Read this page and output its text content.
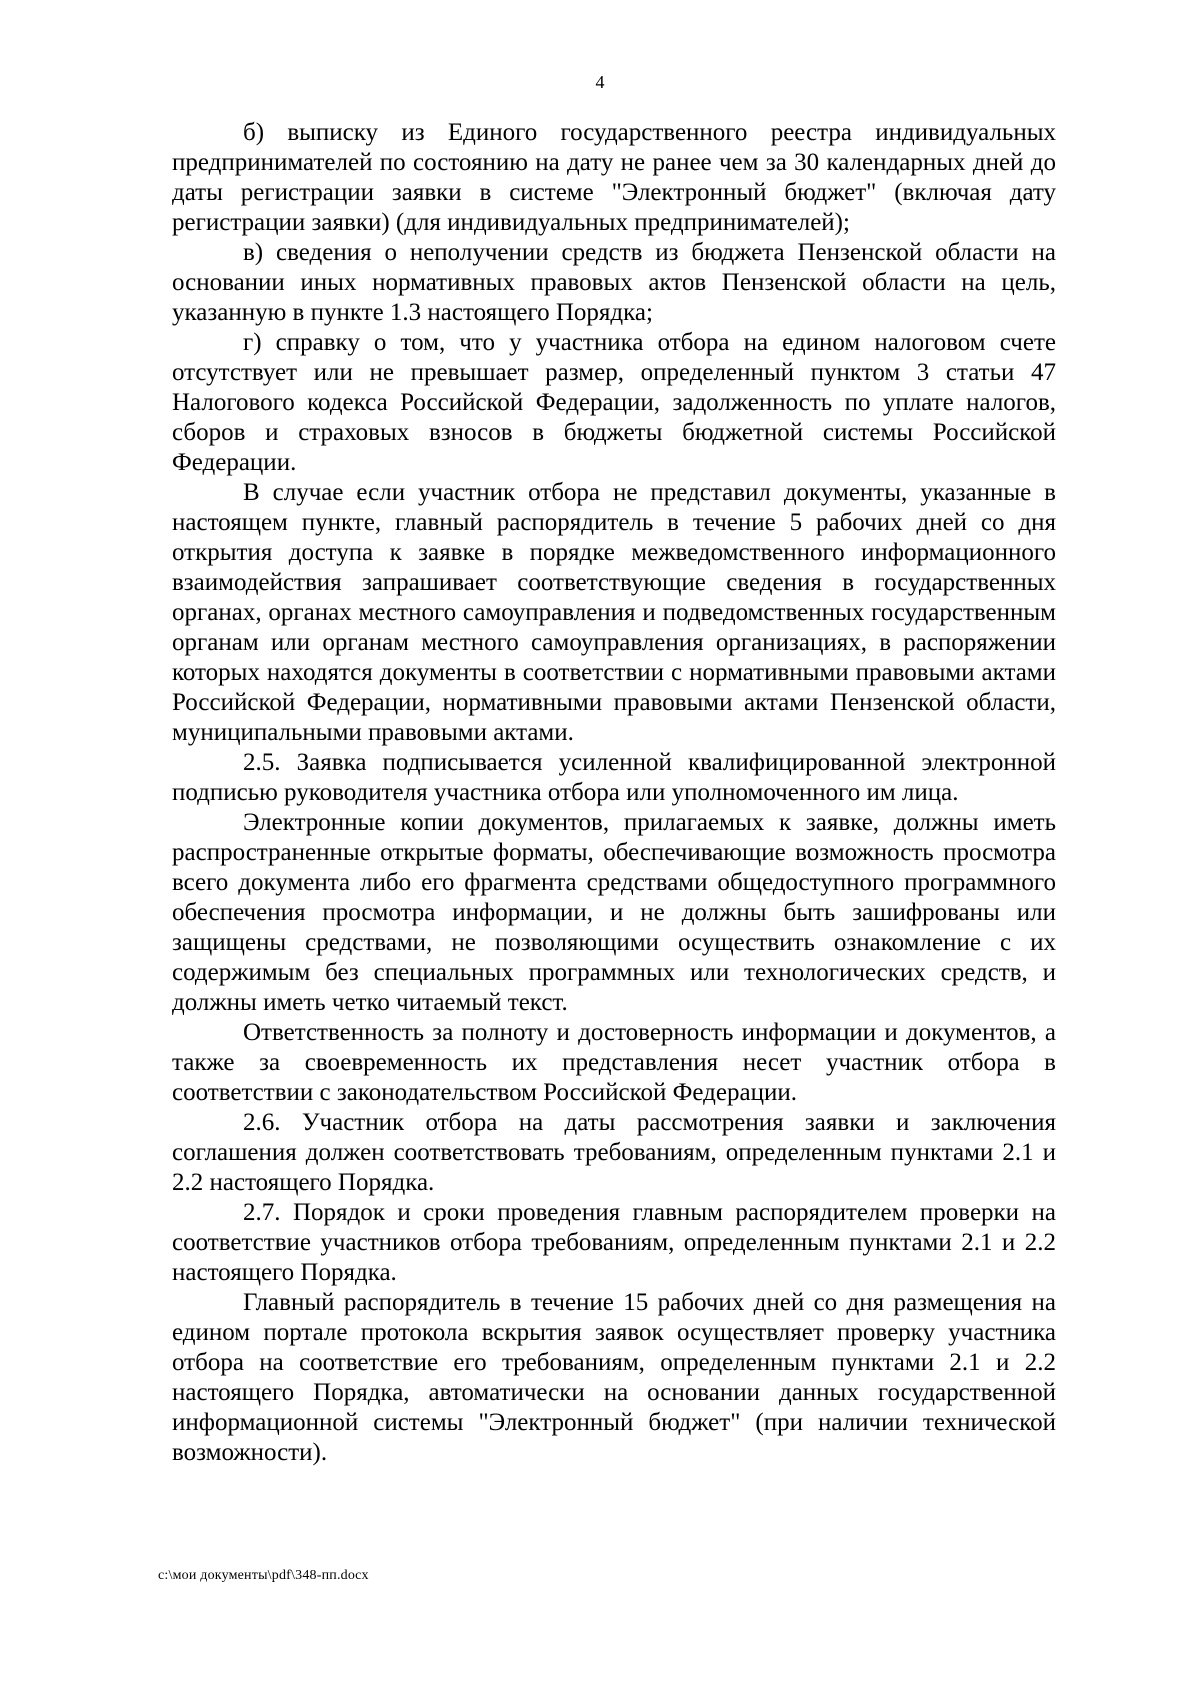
4

б) выписку из Единого государственного реестра индивидуальных предпринимателей по состоянию на дату не ранее чем за 30 календарных дней до даты регистрации заявки в системе "Электронный бюджет" (включая дату регистрации заявки) (для индивидуальных предпринимателей);

в) сведения о неполучении средств из бюджета Пензенской области на основании иных нормативных правовых актов Пензенской области на цель, указанную в пункте 1.3 настоящего Порядка;

г) справку о том, что у участника отбора на едином налоговом счете отсутствует или не превышает размер, определенный пунктом 3 статьи 47 Налогового кодекса Российской Федерации, задолженность по уплате налогов, сборов и страховых взносов в бюджеты бюджетной системы Российской Федерации.

В случае если участник отбора не представил документы, указанные в настоящем пункте, главный распорядитель в течение 5 рабочих дней со дня открытия доступа к заявке в порядке межведомственного информационного взаимодействия запрашивает соответствующие сведения в государственных органах, органах местного самоуправления и подведомственных государственным органам или органам местного самоуправления организациях, в распоряжении которых находятся документы в соответствии с нормативными правовыми актами Российской Федерации, нормативными правовыми актами Пензенской области, муниципальными правовыми актами.

2.5. Заявка подписывается усиленной квалифицированной электронной подписью руководителя участника отбора или уполномоченного им лица.

Электронные копии документов, прилагаемых к заявке, должны иметь распространенные открытые форматы, обеспечивающие возможность просмотра всего документа либо его фрагмента средствами общедоступного программного обеспечения просмотра информации, и не должны быть зашифрованы или защищены средствами, не позволяющими осуществить ознакомление с их содержимым без специальных программных или технологических средств, и должны иметь четко читаемый текст.

Ответственность за полноту и достоверность информации и документов, а также за своевременность их представления несет участник отбора в соответствии с законодательством Российской Федерации.

2.6. Участник отбора на даты рассмотрения заявки и заключения соглашения должен соответствовать требованиям, определенным пунктами 2.1 и 2.2 настоящего Порядка.

2.7. Порядок и сроки проведения главным распорядителем проверки на соответствие участников отбора требованиям, определенным пунктами 2.1 и 2.2 настоящего Порядка.

Главный распорядитель в течение 15 рабочих дней со дня размещения на едином портале протокола вскрытия заявок осуществляет проверку участника отбора на соответствие его требованиям, определенным пунктами 2.1 и 2.2 настоящего Порядка, автоматически на основании данных государственной информационной системы "Электронный бюджет" (при наличии технической возможности).

c:\мои документы\pdf\348-пп.docx
